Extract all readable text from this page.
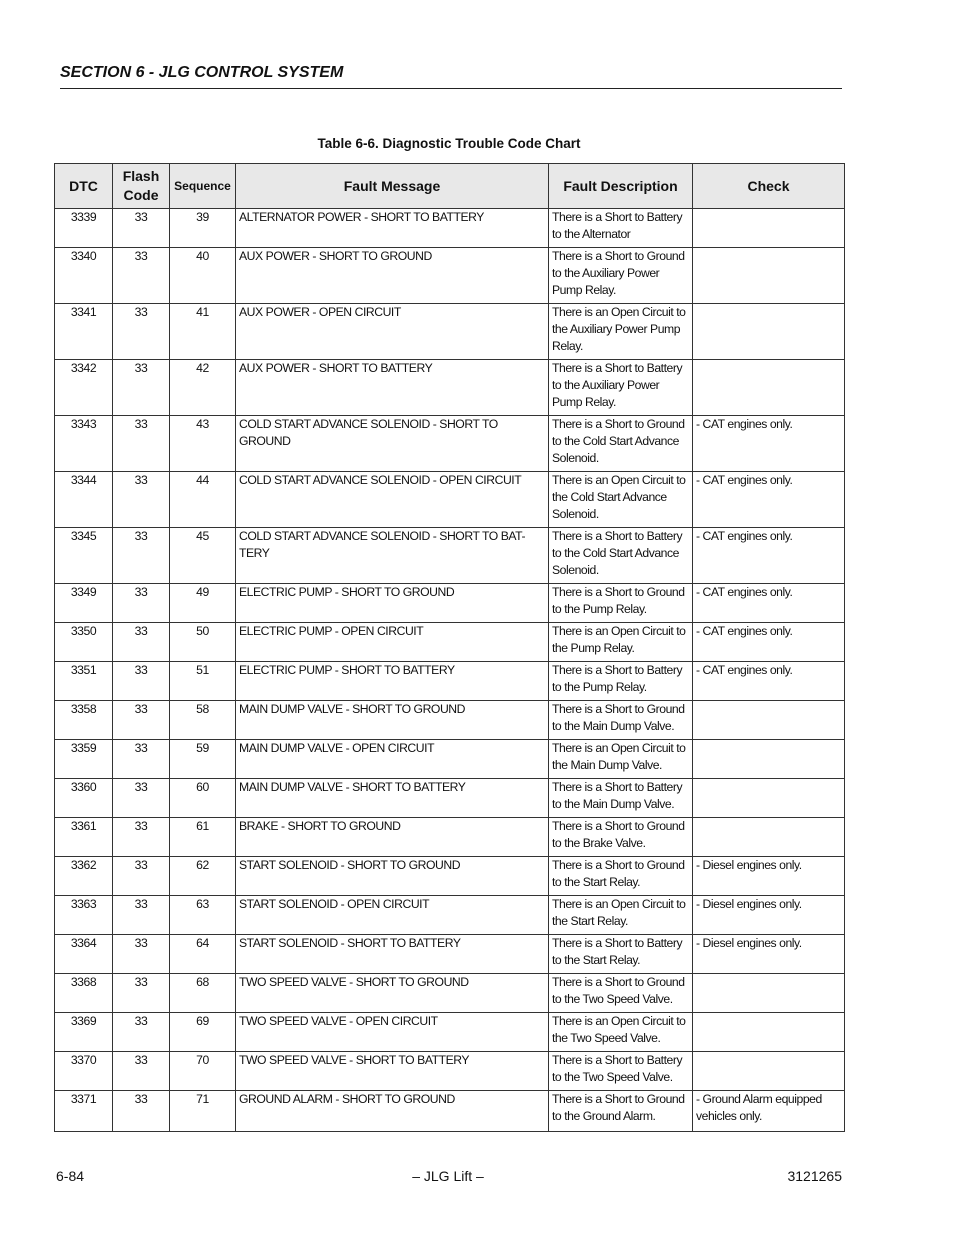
SECTION 6 - JLG CONTROL SYSTEM
Table 6-6. Diagnostic Trouble Code Chart
DTC	Flash Code	Sequence	Fault Message	Fault Description	Check
3339	33	39	ALTERNATOR POWER - SHORT TO BATTERY	There is a Short to Battery to the Alternator	
3340	33	40	AUX POWER - SHORT TO GROUND	There is a Short to Ground to the Auxiliary Power Pump Relay.	
3341	33	41	AUX POWER - OPEN CIRCUIT	There is an Open Circuit to the Auxiliary Power Pump Relay.	
3342	33	42	AUX POWER - SHORT TO BATTERY	There is a Short to Battery to the Auxiliary Power Pump Relay.	
3343	33	43	COLD START ADVANCE SOLENOID - SHORT TO GROUND	There is a Short to Ground to the Cold Start Advance Solenoid.	- CAT engines only.
3344	33	44	COLD START ADVANCE SOLENOID - OPEN CIRCUIT	There is an Open Circuit to the Cold Start Advance Solenoid.	- CAT engines only.
3345	33	45	COLD START ADVANCE SOLENOID - SHORT TO BAT-TERY	There is a Short to Battery to the Cold Start Advance Solenoid.	- CAT engines only.
3349	33	49	ELECTRIC PUMP - SHORT TO GROUND	There is a Short to Ground to the Pump Relay.	- CAT engines only.
3350	33	50	ELECTRIC PUMP - OPEN CIRCUIT	There is an Open Circuit to the Pump Relay.	- CAT engines only.
3351	33	51	ELECTRIC PUMP - SHORT TO BATTERY	There is a Short to Battery to the Pump Relay.	- CAT engines only.
3358	33	58	MAIN DUMP VALVE - SHORT TO GROUND	There is a Short to Ground to the Main Dump Valve.	
3359	33	59	MAIN DUMP VALVE - OPEN CIRCUIT	There is an Open Circuit to the Main Dump Valve.	
3360	33	60	MAIN DUMP VALVE - SHORT TO BATTERY	There is a Short to Battery to the Main Dump Valve.	
3361	33	61	BRAKE - SHORT TO GROUND	There is a Short to Ground to the Brake Valve.	
3362	33	62	START SOLENOID - SHORT TO GROUND	There is a Short to Ground to the Start Relay.	- Diesel engines only.
3363	33	63	START SOLENOID - OPEN CIRCUIT	There is an Open Circuit to the Start Relay.	- Diesel engines only.
3364	33	64	START SOLENOID - SHORT TO BATTERY	There is a Short to Battery to the Start Relay.	- Diesel engines only.
3368	33	68	TWO SPEED VALVE - SHORT TO GROUND	There is a Short to Ground to the Two Speed Valve.	
3369	33	69	TWO SPEED VALVE - OPEN CIRCUIT	There is an Open Circuit to the Two Speed Valve.	
3370	33	70	TWO SPEED VALVE - SHORT TO BATTERY	There is a Short to Battery to the Two Speed Valve.	
3371	33	71	GROUND ALARM - SHORT TO GROUND	There is a Short to Ground to the Ground Alarm.	- Ground Alarm equipped vehicles only.
– JLG Lift –
6-84	3121265
